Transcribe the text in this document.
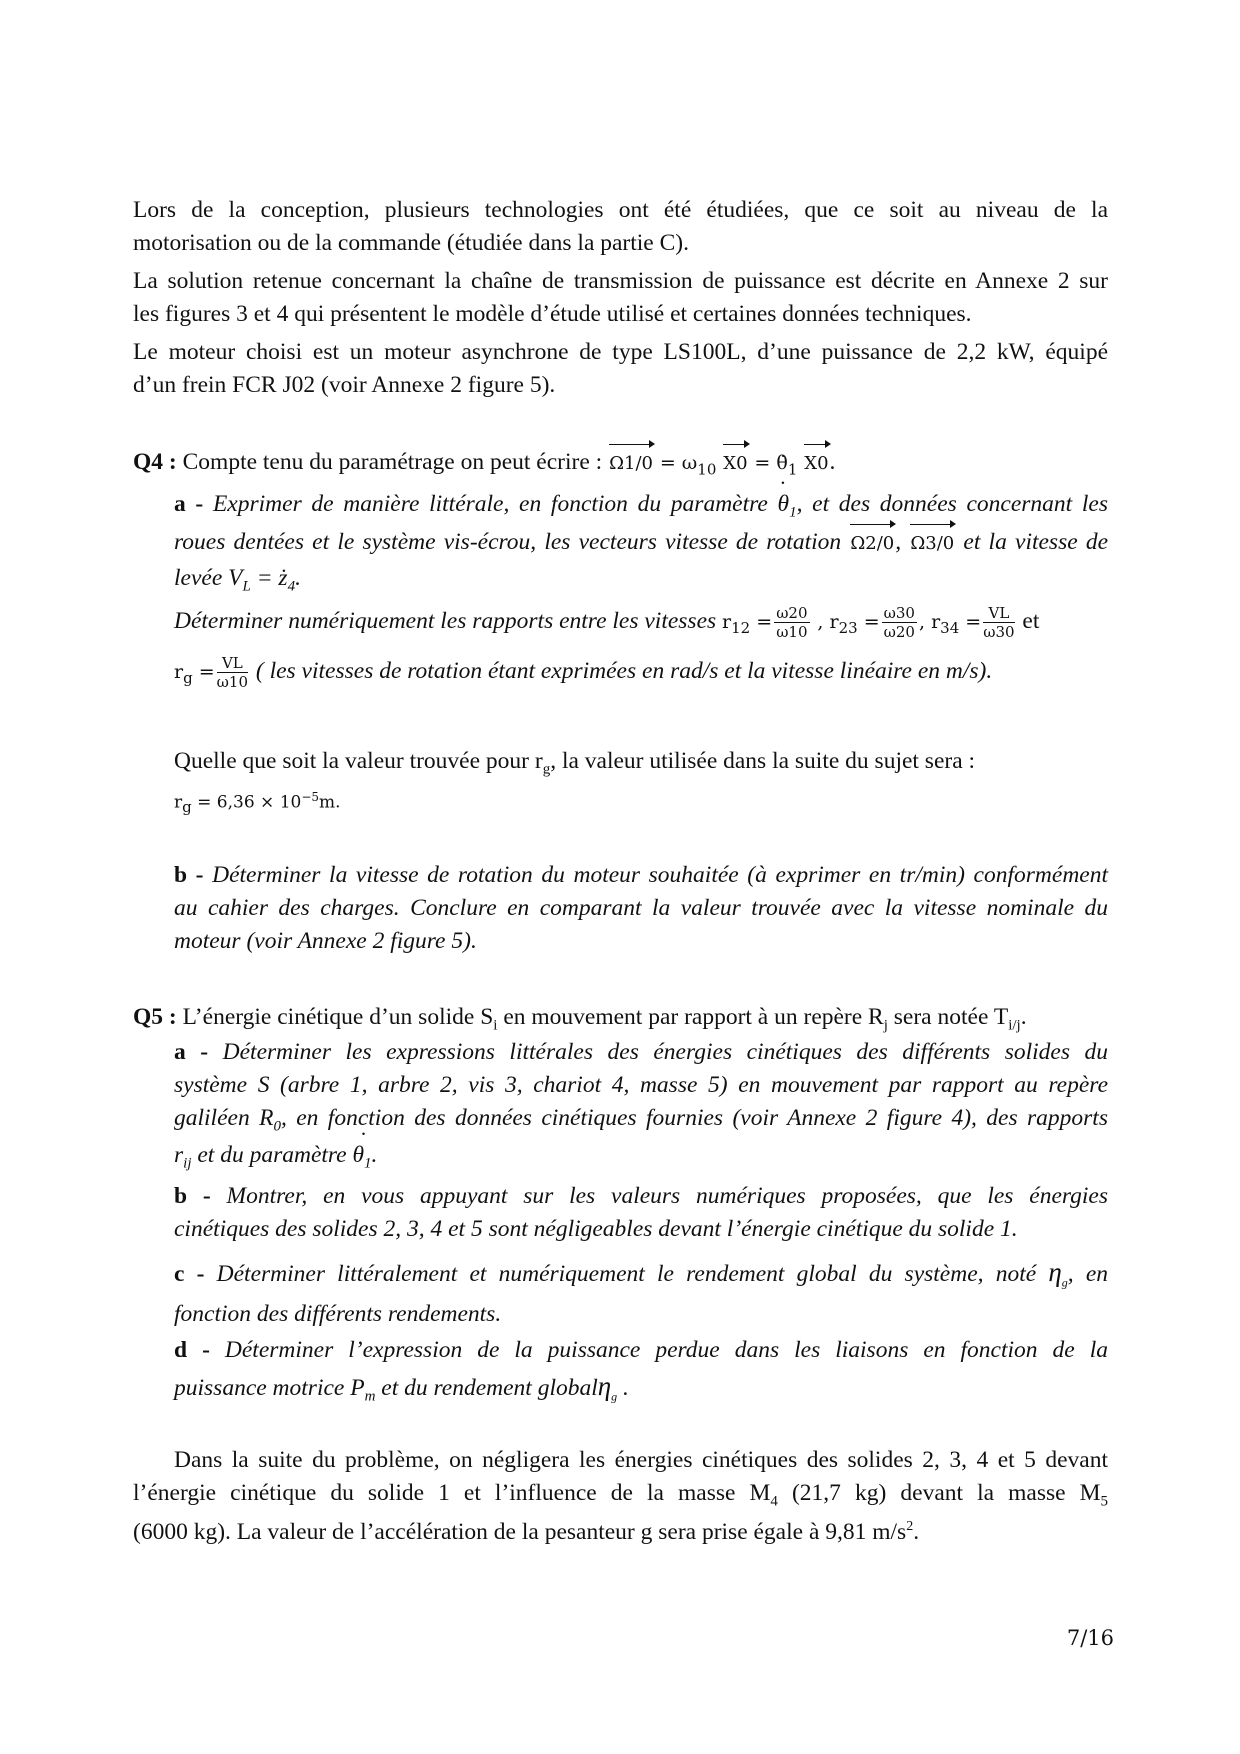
Lors de la conception, plusieurs technologies ont été étudiées, que ce soit au niveau de la
motorisation ou de la commande (étudiée dans la partie C).
La solution retenue concernant la chaîne de transmission de puissance est décrite en Annexe 2 sur
les figures 3 et 4 qui présentent le modèle d’étude utilisé et certaines données techniques.
Le moteur choisi est un moteur asynchrone de type LS100L, d’une puissance de 2,2 kW, équipé
d’un frein FCR J02 (voir Annexe 2 figure 5).
Q4 : Compte tenu du paramétrage on peut écrire : $\Omega 1/0 = \omega_{10}$ $X0 = \thetȧ_1$ X0.
a - Exprimer de manière littérale, en fonction du paramètre $\theta_1$ ˙, et des données concernant les
roues dentées et le système vis-écrou, les vecteurs vitesse de rotation Ω2/0, Ω3/0 et la vitesse de
levée $V_L$ = $ż_4$.
Déterminer numériquement les rapports entre les vitesses $r_{12} = \frac{\omega 20}{\omega 10}$ , $r_{23} = \frac{\omega 30}{\omega 20}$ , $r_{34} = \frac{VL}{\omega 30}$ et
$r_g = \frac{VL}{\omega 10}$ ( les vitesses de rotation étant exprimées en rad/s et la vitesse linéaire en m/s).
Quelle que soit la valeur trouvée pour $r_g$, la valeur utilisée dans la suite du sujet sera :
$r_g = 6,36 \times 10^{-5}m$.
b - Déterminer la vitesse de rotation du moteur souhaitée (à exprimer en tr/min) conformément
au cahier des charges. Conclure en comparant la valeur trouvée avec la vitesse nominale du
moteur (voir Annexe 2 figure 5).
Q5 : L’énergie cinétique d’un solide $S_i$ en mouvement par rapport à un repère $R_j$ sera notée $T_{i/j}$.
a - Déterminer les expressions littérales des énergies cinétiques des différents solides du
système S (arbre 1, arbre 2, vis 3, chariot 4, masse 5) en mouvement par rapport au repère
galiléen $R_0$, en fonction des données cinétiques fournies (voir Annexe 2 figure 4), des rapports
$r_{ij}$ et du paramètre $\theta_1$ ˙.
b - Montrer, en vous appuyant sur les valeurs numériques proposées, que les énergies
cinétiques des solides 2, 3, 4 et 5 sont négligeables devant l’énergie cinétique du solide 1.
c - Déterminer littéralement et numériquement le rendement global du système, noté $\eta_g$, en
fonction des différents rendements.
d - Déterminer l’expression de la puissance perdue dans les liaisons en fonction de la
puissance motrice $P_m$ et du rendement globalη$_g$ .
Dans la suite du problème, on négligera les énergies cinétiques des solides 2, 3, 4 et 5 devant
l’énergie cinétique du solide 1 et l’influence de la masse $M_4$ (21,7 kg) devant la masse $M_5$
(6000 kg). La valeur de l’accélération de la pesanteur g sera prise égale à 9,81 $m/s^2$.
7/16
